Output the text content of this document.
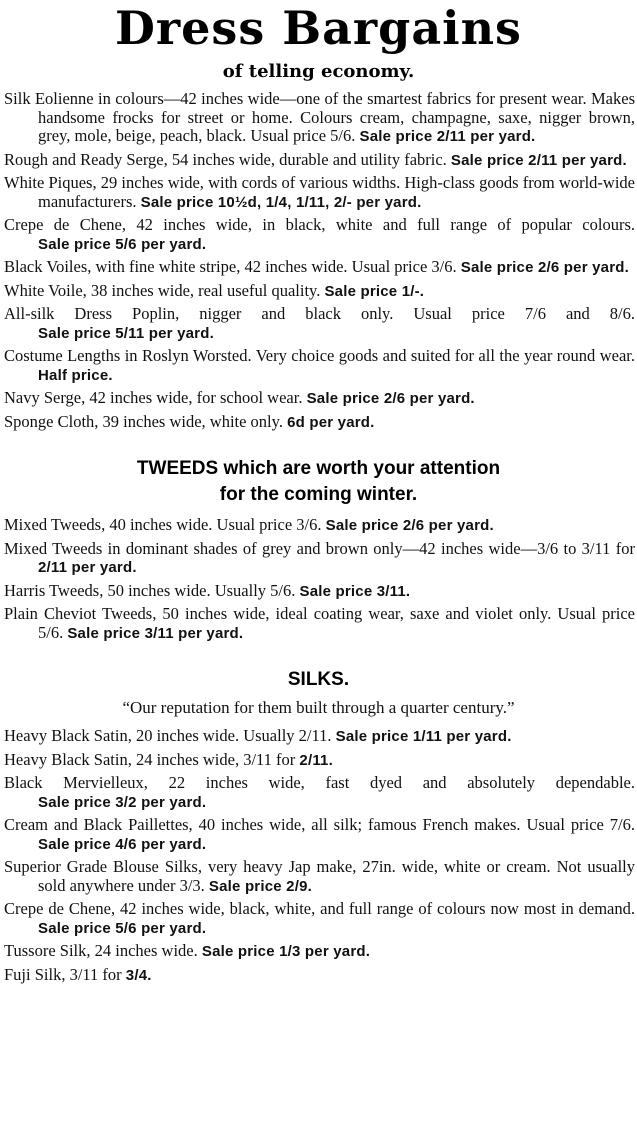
Dress Bargains
of telling economy.
Silk Eolienne in colours—42 inches wide—one of the smartest fabrics for present wear. Makes handsome frocks for street or home. Colours cream, champagne, saxe, nigger brown, grey, mole, beige, peach, black. Usual price 5/6. Sale price 2/11 per yard.
Rough and Ready Serge, 54 inches wide, durable and utility fabric. Sale price 2/11 per yard.
White Piques, 29 inches wide, with cords of various widths. High-class goods from world-wide manufacturers. Sale price 10½d, 1/4, 1/11, 2/- per yard.
Crepe de Chene, 42 inches wide, in black, white and full range of popular colours. Sale price 5/6 per yard.
Black Voiles, with fine white stripe, 42 inches wide. Usual price 3/6. Sale price 2/6 per yard.
White Voile, 38 inches wide, real useful quality. Sale price 1/-.
All-silk Dress Poplin, nigger and black only. Usual price 7/6 and 8/6. Sale price 5/11 per yard.
Costume Lengths in Roslyn Worsted. Very choice goods and suited for all the year round wear. Half price.
Navy Serge, 42 inches wide, for school wear. Sale price 2/6 per yard.
Sponge Cloth, 39 inches wide, white only. 6d per yard.
TWEEDS which are worth your attention
for the coming winter.
Mixed Tweeds, 40 inches wide. Usual price 3/6. Sale price 2/6 per yard.
Mixed Tweeds in dominant shades of grey and brown only—42 inches wide—3/6 to 3/11 for 2/11 per yard.
Harris Tweeds, 50 inches wide. Usually 5/6. Sale price 3/11.
Plain Cheviot Tweeds, 50 inches wide, ideal coating wear, saxe and violet only. Usual price 5/6. Sale price 3/11 per yard.
SILKS.
“Our reputation for them built through a quarter century.”
Heavy Black Satin, 20 inches wide. Usually 2/11. Sale price 1/11 per yard.
Heavy Black Satin, 24 inches wide, 3/11 for 2/11.
Black Mervielleux, 22 inches wide, fast dyed and absolutely dependable. Sale price 3/2 per yard.
Cream and Black Paillettes, 40 inches wide, all silk; famous French makes. Usual price 7/6. Sale price 4/6 per yard.
Superior Grade Blouse Silks, very heavy Jap make, 27in. wide, white or cream. Not usually sold anywhere under 3/3. Sale price 2/9.
Crepe de Chene, 42 inches wide, black, white, and full range of colours now most in demand. Sale price 5/6 per yard.
Tussore Silk, 24 inches wide. Sale price 1/3 per yard.
Fuji Silk, 3/11 for 3/4.
